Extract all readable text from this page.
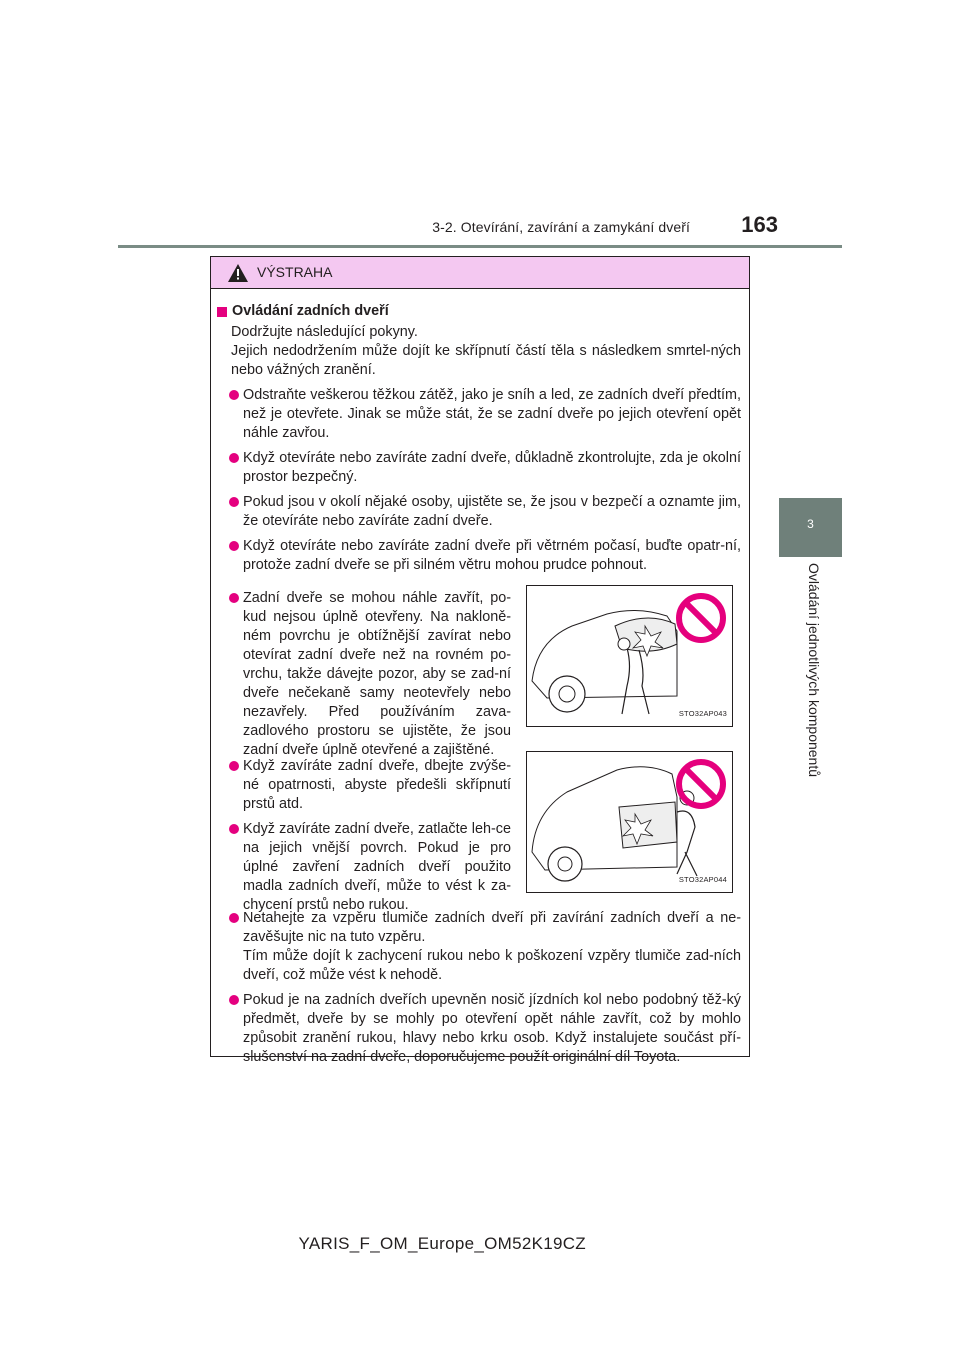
3-2. Otevírání, zavírání a zamykání dveří	163
3
Ovládání jednotlivých komponentů
VÝSTRAHA
Ovládání zadních dveří
Dodržujte následující pokyny.
Jejich nedodržením může dojít ke skřípnutí částí těla s následkem smrtel-ných nebo vážných zranění.
Odstraňte veškerou těžkou zátěž, jako je sníh a led, ze zadních dveří předtím, než je otevřete. Jinak se může stát, že se zadní dveře po jejich otevření opět náhle zavřou.
Když otevíráte nebo zavíráte zadní dveře, důkladně zkontrolujte, zda je okolní prostor bezpečný.
Pokud jsou v okolí nějaké osoby, ujistěte se, že jsou v bezpečí a oznamte jim, že otevíráte nebo zavíráte zadní dveře.
Když otevíráte nebo zavíráte zadní dveře při větrném počasí, buďte opatr-ní, protože zadní dveře se při silném větru mohou prudce pohnout.
Zadní dveře se mohou náhle zavřít, po-kud nejsou úplně otevřeny. Na nakloně-ném povrchu je obtížnější zavírat nebo otevírat zadní dveře než na rovném po-vrchu, takže dávejte pozor, aby se zad-ní dveře nečekaně samy neotevřely nebo nezavřely. Před používáním zava-zadlového prostoru se ujistěte, že jsou zadní dveře úplně otevřené a zajištěné.
STO32AP043
Když zavíráte zadní dveře, dbejte zvýše-né opatrnosti, abyste předešli skřípnutí prstů atd.
Když zavíráte zadní dveře, zatlačte leh-ce na jejich vnější povrch. Pokud je pro úplné zavření zadních dveří použito madla zadních dveří, může to vést k za-chycení prstů nebo rukou.
STO32AP044
Netahejte za vzpěru tlumiče zadních dveří při zavírání zadních dveří a ne-zavěšujte nic na tuto vzpěru.
Tím může dojít k zachycení rukou nebo k poškození vzpěry tlumiče zad-ních dveří, což může vést k nehodě.
Pokud je na zadních dveřích upevněn nosič jízdních kol nebo podobný těž-ký předmět, dveře by se mohly po otevření opět náhle zavřít, což by mohlo způsobit zranění rukou, hlavy nebo krku osob. Když instalujete součást pří-slušenství na zadní dveře, doporučujeme použít originální díl Toyota.
YARIS_F_OM_Europe_OM52K19CZ
